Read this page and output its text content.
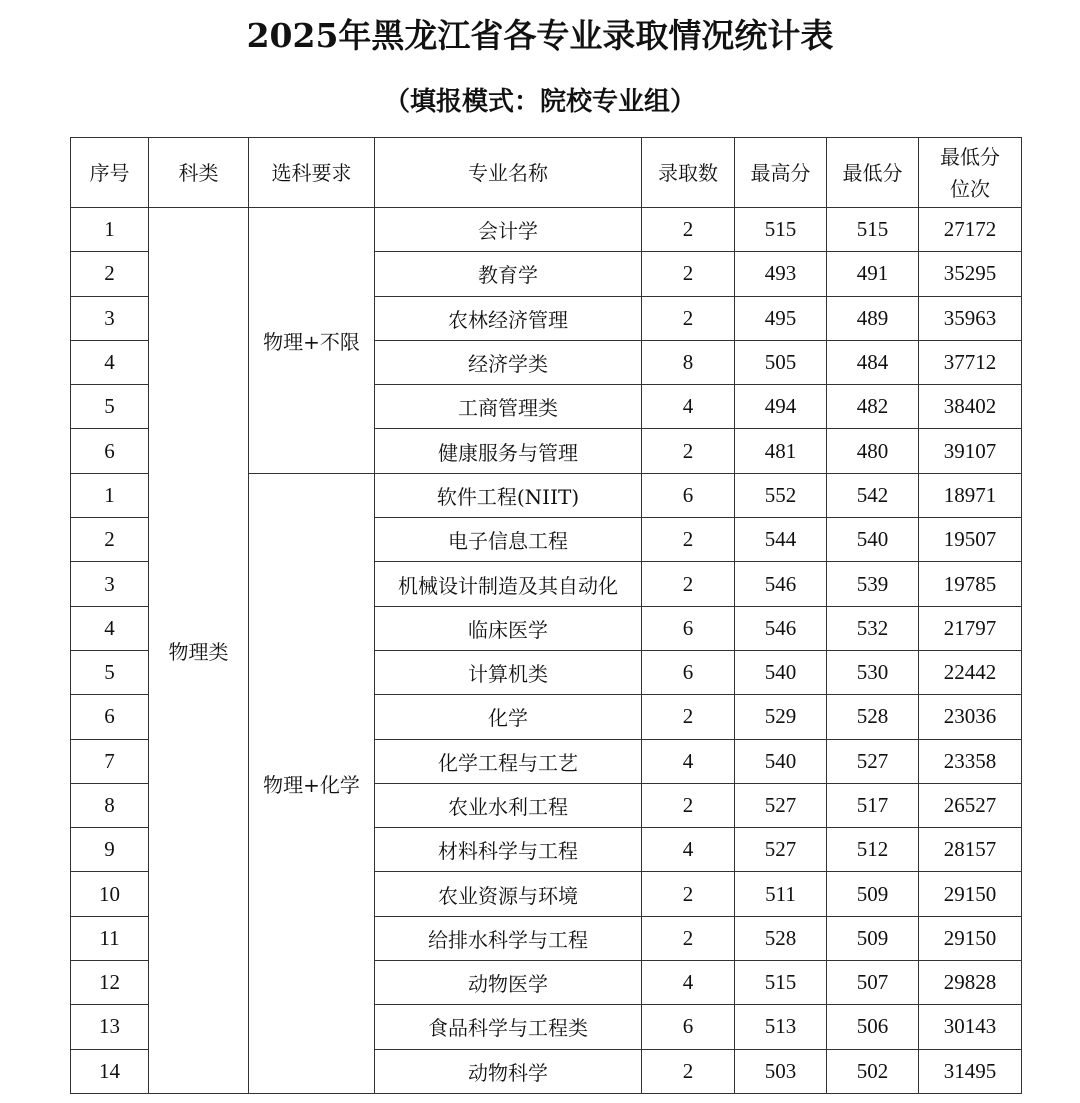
2025年黑龙江省各专业录取情况统计表
（填报模式：院校专业组）
序号	科类	选科要求	专业名称	录取数	最高分	最低分	最低分
位次

1	物理类	物理+不限	会计学	2	515	515	27172
2			教育学	2	493	491	35295
3			农林经济管理	2	495	489	35963
4			经济学类	8	505	484	37712
5			工商管理类	4	494	482	38402
6			健康服务与管理	2	481	480	39107
1		物理+化学	软件工程(NIIT)	6	552	542	18971
2			电子信息工程	2	544	540	19507
3			机械设计制造及其自动化	2	546	539	19785
4			临床医学	6	546	532	21797
5			计算机类	6	540	530	22442
6			化学	2	529	528	23036
7			化学工程与工艺	4	540	527	23358
8			农业水利工程	2	527	517	26527
9			材料科学与工程	4	527	512	28157
10			农业资源与环境	2	511	509	29150
11			给排水科学与工程	2	528	509	29150
12			动物医学	4	515	507	29828
13			食品科学与工程类	6	513	506	30143
14			动物科学	2	503	502	31495
